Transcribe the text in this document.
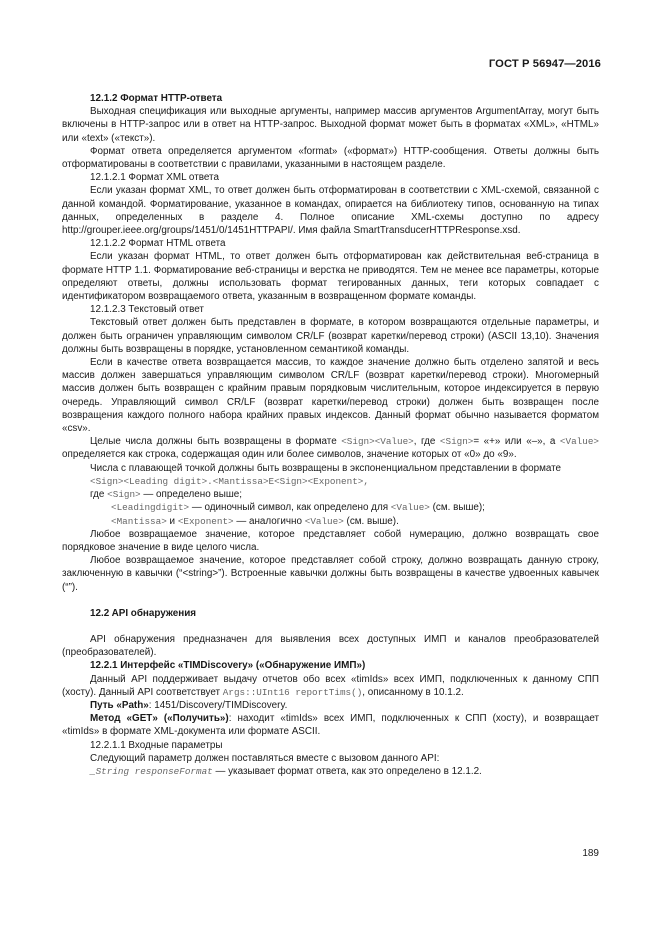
ГОСТ Р 56947—2016

12.1.2 Формат HTTP-ответа

Выходная спецификация или выходные аргументы, например массив аргументов ArgumentArray, могут быть включены в HTTP-запрос или в ответ на HTTP-запрос. Выходной формат может быть в форматах «XML», «HTML» или «text» («текст»).

Формат ответа определяется аргументом «format» («формат») HTTP-сообщения. Ответы должны быть отформатированы в соответствии с правилами, указанными в настоящем разделе.

12.1.2.1 Формат XML ответа

Если указан формат XML, то ответ должен быть отформатирован в соответствии с XML-схемой, связанной с данной командой. Форматирование, указанное в командах, опирается на библиотеку типов, основанную на типах данных, определенных в разделе 4. Полное описание XML-схемы доступно по адресу http://grouper.ieee.org/groups/1451/0/1451HTTPAPI/. Имя файла SmartTransducerHTTPResponse.xsd.

12.1.2.2 Формат HTML ответа

Если указан формат HTML, то ответ должен быть отформатирован как действительная веб-страница в формате HTTP 1.1. Форматирование веб-страницы и верстка не приводятся. Тем не менее все параметры, которые определяют ответы, должны использовать формат тегированных данных, теги которых совпадает с идентификатором возвращаемого ответа, указанным в возвращенном формате команды.

12.1.2.3 Текстовый ответ

Текстовый ответ должен быть представлен в формате, в котором возвращаются отдельные параметры, и должен быть ограничен управляющим символом CR/LF (возврат каретки/перевод строки) (ASCII 13,10). Значения должны быть возвращены в порядке, установленном семантикой команды.

Если в качестве ответа возвращается массив, то каждое значение должно быть отделено запятой и весь массив должен завершаться управляющим символом CR/LF (возврат каретки/перевод строки). Многомерный массив должен быть возвращен с крайним правым порядковым числительным, которое индексируется в первую очередь. Управляющий символ CR/LF (возврат каретки/перевод строки) должен быть возвращен после возвращения каждого полного набора крайних правых индексов. Данный формат обычно называется форматом «csv».

Целые числа должны быть возвращены в формате <Sign><Value>, где <Sign>= «+» или «–», а <Value> определяется как строка, содержащая один или более символов, значение которых от «0» до «9».

Числа с плавающей точкой должны быть возвращены в экспоненциальном представлении в формате

<Sign><Leading digit>.<Mantissa>E<Sign><Exponent>,

где <Sign> — определено выше;

<Leadingdigit> — одиночный символ, как определено для <Value> (см. выше);

<Mantissa> и <Exponent> — аналогично <Value> (см. выше).

Любое возвращаемое значение, которое представляет собой нумерацию, должно возвращать свое порядковое значение в виде целого числа.

Любое возвращаемое значение, которое представляет собой строку, должно возвращать данную строку, заключенную в кавычки (“<string>”). Встроенные кавычки должны быть возвращены в качестве удвоенных кавычек (“”).

12.2 API обнаружения

API обнаружения предназначен для выявления всех доступных ИМП и каналов преобразователей (преобразователей).

12.2.1 Интерфейс «TIMDiscovery» («Обнаружение ИМП»)

Данный API поддерживает выдачу отчетов обо всех «timIds» всех ИМП, подключенных к данному СПП (хосту). Данный API соответствует Args::UInt16 reportTims(), описанному в 10.1.2.

Путь «Path»: 1451/Discovery/TIMDiscovery.

Метод «GET» («Получить»): находит «timIds» всех ИМП, подключенных к СПП (хосту), и возвращает «timIds» в формате XML-документа или формате ASCII.

12.2.1.1 Входные параметры

Следующий параметр должен поставляться вместе с вызовом данного API:

_String responseFormat — указывает формат ответа, как это определено в 12.1.2.

189
